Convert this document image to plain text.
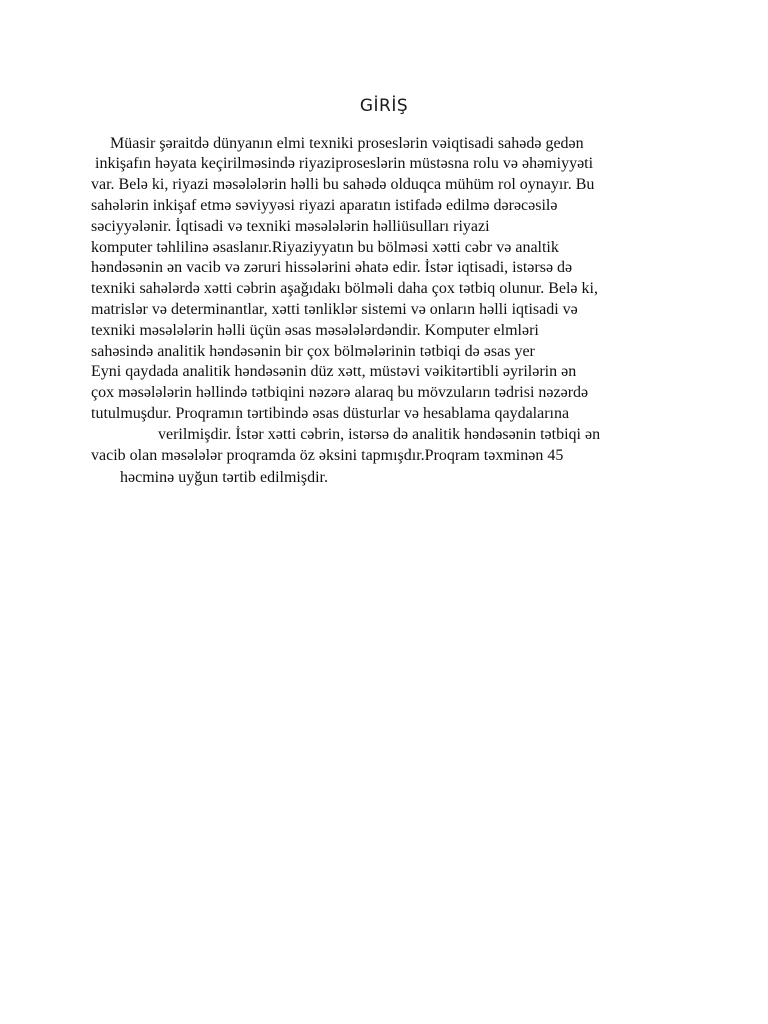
GİRİŞ
Müasir şəraitdə dünyanın elmi texniki proseslərin vəiqtisadi sahədə gedən
inkişafın həyata keçirilməsində riyaziproseslərin müstəsna rolu və əhəmiyyəti
var. Belə ki, riyazi məsələlərin həlli bu sahədə olduqca mühüm rol oynayır. Bu
sahələrin inkişaf etmə səviyyəsi riyazi aparatın istifadə edilmə dərəcəsilə
səciyyələnir. İqtisadi və texniki məsələlərin həlliüsulları riyazi
komputer təhlilinə əsaslanır.Riyaziyyatın bu bölməsi xətti cəbr və analtik
həndəsənin ən vacib və zəruri hissələrini əhatə edir. İstər iqtisadi, istərsə də
texniki sahələrdə xətti cəbrin aşağıdakı bölməli daha çox tətbiq olunur. Belə ki,
matrislər və determinantlar, xətti tənliklər sistemi və onların həlli iqtisadi və
texniki məsələlərin həlli üçün əsas məsələlərdəndir. Komputer elmləri
sahəsində analitik həndəsənin bir çox bölmələrinin tətbiqi də əsas yer
Eyni qaydada analitik həndəsənin düz xətt, müstəvi vəikitərtibli əyrilərin ən
çox məsələlərin həllində tətbiqini nəzərə alaraq bu mövzuların tədrisi nəzərdə
tutulmuşdur. Proqramın tərtibində əsas düsturlar və hesablama qaydalarına
verilmişdir. İstər xətti cəbrin, istərsə də analitik həndəsənin tətbiqi ən
vacib olan məsələlər proqramda öz əksini tapmışdır.Proqram təxminən 45
həcminə uyğun tərtib edilmişdir.
